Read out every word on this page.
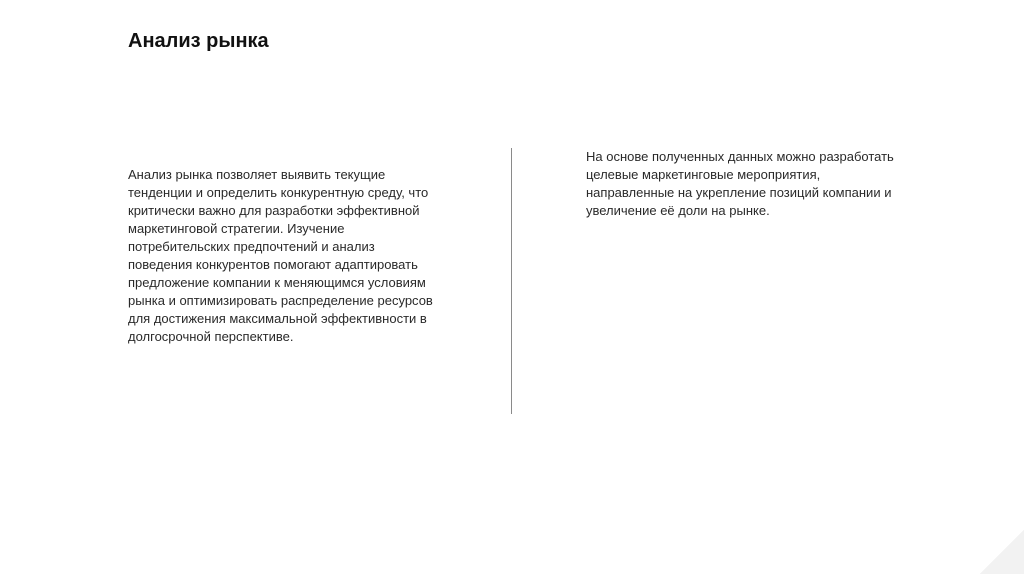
Анализ рынка
Анализ рынка позволяет выявить текущие
тенденции и определить конкурентную среду, что
критически важно для разработки эффективной
маркетинговой стратегии. Изучение
потребительских предпочтений и анализ
поведения конкурентов помогают адаптировать
предложение компании к меняющимся условиям
рынка и оптимизировать распределение ресурсов
для достижения максимальной эффективности в
долгосрочной перспективе.
На основе полученных данных можно разработать
целевые маркетинговые мероприятия,
направленные на укрепление позиций компании и
увеличение её доли на рынке.
